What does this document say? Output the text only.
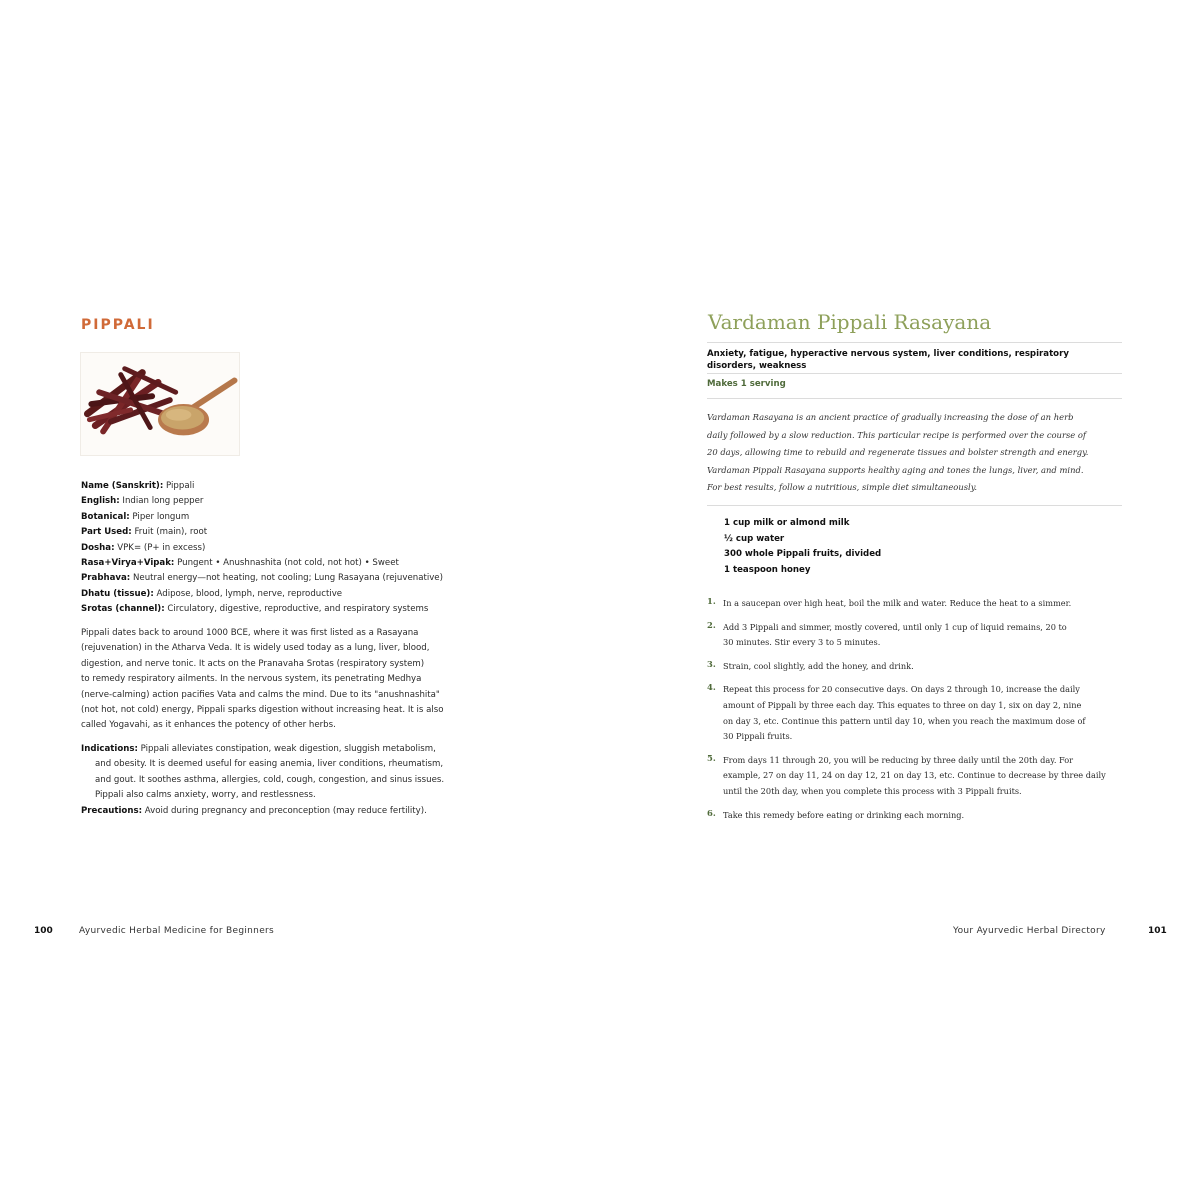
PIPPALI
Name (Sanskrit): Pippali
English: Indian long pepper
Botanical: Piper longum
Part Used: Fruit (main), root
Dosha: VPK= (P+ in excess)
Rasa+Virya+Vipak: Pungent • Anushnashita (not cold, not hot) • Sweet
Prabhava: Neutral energy—not heating, not cooling; Lung Rasayana (rejuvenative)
Dhatu (tissue): Adipose, blood, lymph, nerve, reproductive
Srotas (channel): Circulatory, digestive, reproductive, and respiratory systems
Pippali dates back to around 1000 BCE, where it was first listed as a Rasayana
(rejuvenation) in the Atharva Veda. It is widely used today as a lung, liver, blood,
digestion, and nerve tonic. It acts on the Pranavaha Srotas (respiratory system)
to remedy respiratory ailments. In the nervous system, its penetrating Medhya
(nerve-calming) action pacifies Vata and calms the mind. Due to its "anushnashita"
(not hot, not cold) energy, Pippali sparks digestion without increasing heat. It is also
called Yogavahi, as it enhances the potency of other herbs.
Indications: Pippali alleviates constipation, weak digestion, sluggish metabolism,
and obesity. It is deemed useful for easing anemia, liver conditions, rheumatism,
and gout. It soothes asthma, allergies, cold, cough, congestion, and sinus issues.
Pippali also calms anxiety, worry, and restlessness.
Precautions: Avoid during pregnancy and preconception (may reduce fertility).
100	Ayurvedic Herbal Medicine for Beginners
Vardaman Pippali Rasayana
Anxiety, fatigue, hyperactive nervous system, liver conditions, respiratory
disorders, weakness
Makes 1 serving
Vardaman Rasayana is an ancient practice of gradually increasing the dose of an herb
daily followed by a slow reduction. This particular recipe is performed over the course of
20 days, allowing time to rebuild and regenerate tissues and bolster strength and energy.
Vardaman Pippali Rasayana supports healthy aging and tones the lungs, liver, and mind.
For best results, follow a nutritious, simple diet simultaneously.
1 cup milk or almond milk
½ cup water
300 whole Pippali fruits, divided
1 teaspoon honey
1. In a saucepan over high heat, boil the milk and water. Reduce the heat to a simmer.
2. Add 3 Pippali and simmer, mostly covered, until only 1 cup of liquid remains, 20 to
30 minutes. Stir every 3 to 5 minutes.
3. Strain, cool slightly, add the honey, and drink.
4. Repeat this process for 20 consecutive days. On days 2 through 10, increase the daily
amount of Pippali by three each day. This equates to three on day 1, six on day 2, nine
on day 3, etc. Continue this pattern until day 10, when you reach the maximum dose of
30 Pippali fruits.
5. From days 11 through 20, you will be reducing by three daily until the 20th day. For
example, 27 on day 11, 24 on day 12, 21 on day 13, etc. Continue to decrease by three daily
until the 20th day, when you complete this process with 3 Pippali fruits.
6. Take this remedy before eating or drinking each morning.
Your Ayurvedic Herbal Directory	101
